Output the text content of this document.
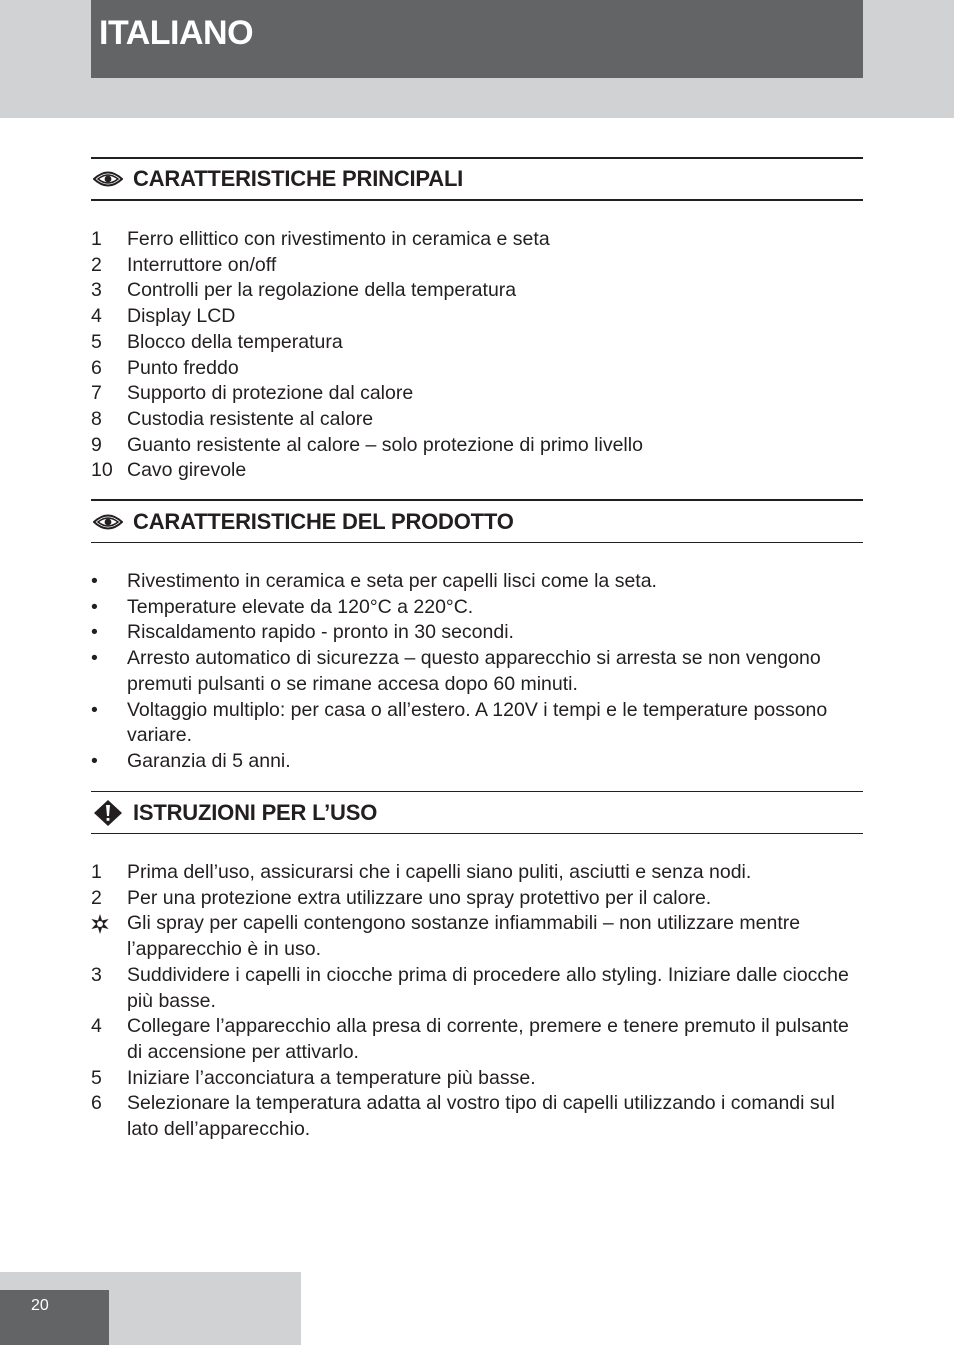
ITALIANO
CARATTERISTICHE PRINCIPALI
1 Ferro ellittico con rivestimento in ceramica e seta
2 Interruttore on/off
3 Controlli per la regolazione della temperatura
4 Display LCD
5 Blocco della temperatura
6 Punto freddo
7 Supporto di protezione dal calore
8 Custodia resistente al calore
9 Guanto resistente al calore – solo protezione di primo livello
10 Cavo girevole
CARATTERISTICHE DEL PRODOTTO
• Rivestimento in ceramica e seta per capelli lisci come la seta.
• Temperature elevate da 120°C a 220°C.
• Riscaldamento rapido - pronto in 30 secondi.
• Arresto automatico di sicurezza – questo apparecchio si arresta se non vengono premuti pulsanti o se rimane accesa dopo 60 minuti.
• Voltaggio multiplo: per casa o all’estero. A 120V i tempi e le temperature possono variare.
• Garanzia di 5 anni.
ISTRUZIONI PER L’USO
1 Prima dell’uso, assicurarsi che i capelli siano puliti, asciutti e senza nodi.
2 Per una protezione extra utilizzare uno spray protettivo per il calore.
Gli spray per capelli contengono sostanze infiammabili – non utilizzare mentre l’apparecchio è in uso.
3 Suddividere i capelli in ciocche prima di procedere allo styling. Iniziare dalle ciocche più basse.
4 Collegare l’apparecchio alla presa di corrente, premere e tenere premuto il pulsante di accensione per attivarlo.
5 Iniziare l’acconciatura a temperature più basse.
6 Selezionare la temperatura adatta al vostro tipo di capelli utilizzando i comandi sul lato dell’apparecchio.
20
